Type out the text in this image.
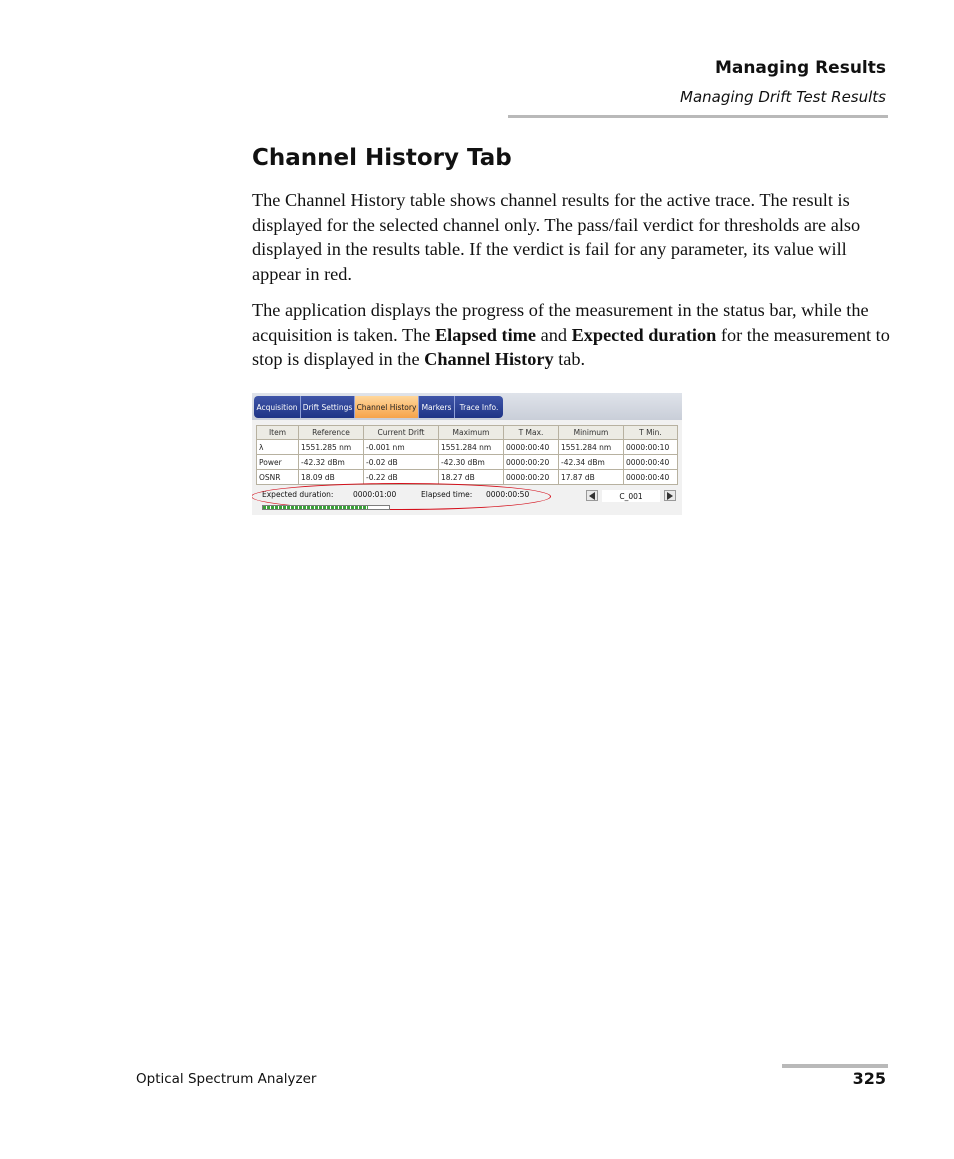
Managing Results
Managing Drift Test Results
Channel History Tab

The Channel History table shows channel results for the active trace. The result is displayed for the selected channel only. The pass/fail verdict for thresholds are also displayed in the results table. If the verdict is fail for any parameter, its value will appear in red.

The application displays the progress of the measurement in the status bar, while the acquisition is taken. The Elapsed time and Expected duration for the measurement to stop is displayed in the Channel History tab.

Acquisition Drift Settings Channel History Markers	Trace Info.
Item	Reference	Current Drift	Maximum	T Max.	Minimum	T Min.
λ	1551.285 nm	-0.001 nm	1551.284 nm	0000:00:40	1551.284 nm	0000:00:10
Power	-42.32 dBm	-0.02 dB	-42.30 dBm	0000:00:20	-42.34 dBm	0000:00:40
OSNR	18.09 dB	-0.22 dB	18.27 dB	0000:00:20	17.87 dB	0000:00:40
Expected duration:	0000:01:00	Elapsed time: 0000:00:50	C_001
Optical Spectrum Analyzer	325
